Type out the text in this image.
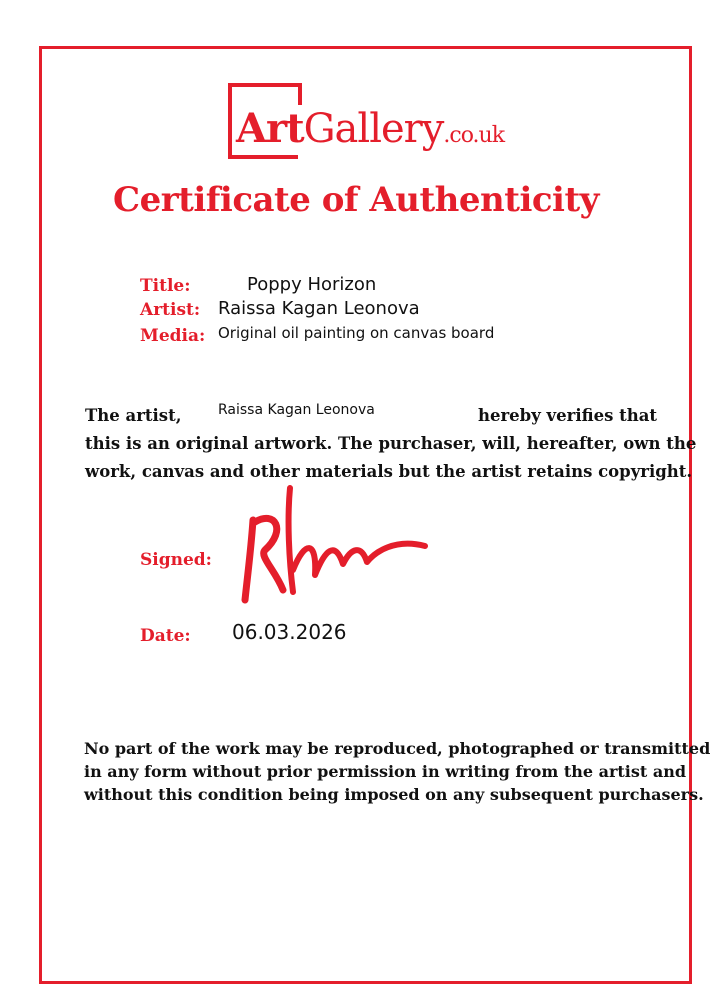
ArtGallery.co.uk
Certificate of Authenticity
Title:	Poppy Horizon
Artist: Raissa Kagan Leonova
Media: Original oil painting on canvas board
The artist,	hereby verifies that
this is an original artwork. The purchaser, will, hereafter, own the
work, canvas and other materials but the artist retains copyright.
Raissa Kagan Leonova
Signed:
Date: 06.03.2026
No part of the work may be reproduced, photographed or transmitted
in any form without prior permission in writing from the artist and
without this condition being imposed on any subsequent purchasers.
